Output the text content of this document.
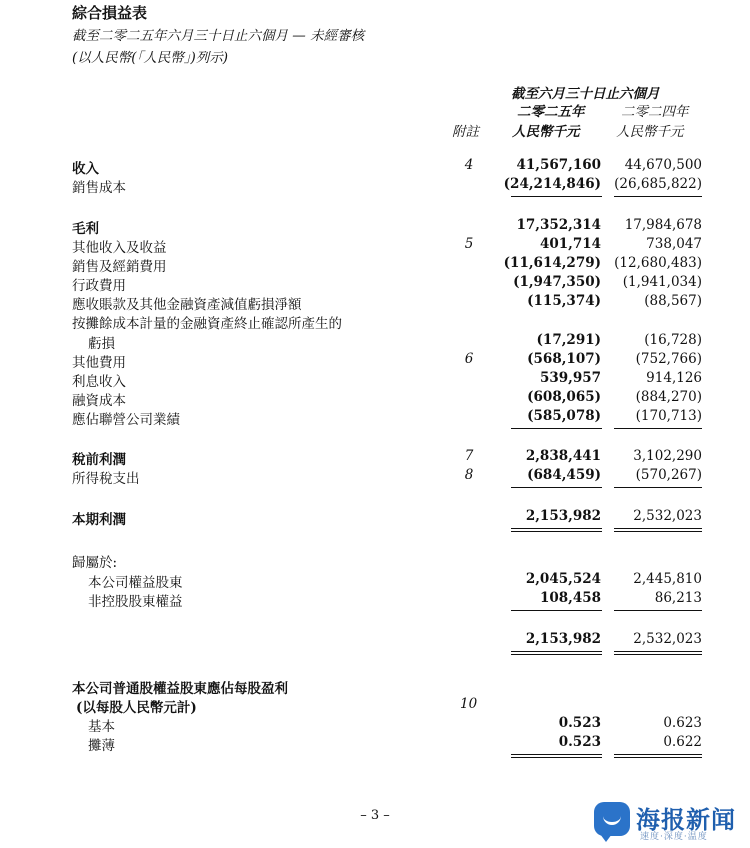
綜合損益表
截至二零二五年六月三十日止六個月 — 未經審核
(以人民幣(「人民幣」)列示)
截至六月三十日止六個月
二零二五年	二零二四年
附註 人民幣千元	人民幣千元
收入	4	41,567,160 44,670,500
銷售成本	(24,214,846) (26,685,822)
毛利	17,352,314 17,984,678
其他收入及收益	5	401,714	738,047
銷售及經銷費用	(11,614,279) (12,680,483)
行政費用	(1,947,350) (1,941,034)
應收賬款及其他金融資產減值虧損淨額	(115,374)	(88,567)
按攤餘成本計量的金融資產終止確認所產生的
虧損	(17,291)	(16,728)
其他費用	6	(568,107)	(752,766)
利息收入	539,957	914,126
融資成本	(608,065)	(884,270)
應佔聯營公司業績	(585,078)	(170,713)
稅前利潤	7	2,838,441 3,102,290
所得稅支出	8	(684,459)	(570,267)
本期利潤	2,153,982 2,532,023
歸屬於:
本公司權益股東	2,045,524 2,445,810
非控股股東權益	108,458	86,213
2,153,982 2,532,023
本公司普通股權益股東應佔每股盈利
(以每股人民幣元計)	10
基本	0.523	0.623
攤薄	0.523	0.622
– 3 –	海报新闻
速度·深度·温度
